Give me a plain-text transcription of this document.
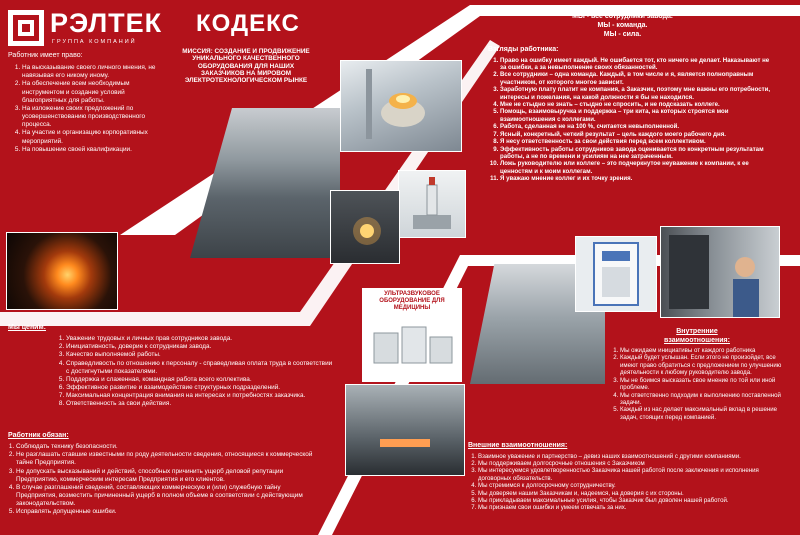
РЭЛТЕК
ГРУППА КОМПАНИЙ
КОДЕКС
МИССИЯ: СОЗДАНИЕ И ПРОДВИЖЕНИЕ УНИКАЛЬНОГО КАЧЕСТВЕННОГО ОБОРУДОВАНИЯ ДЛЯ НАШИХ ЗАКАЗЧИКОВ НА МИРОВОМ ЭЛЕКТРОТЕХНОЛОГИЧЕСКОМ РЫНКЕ
МЫ - все сотрудники завода.
МЫ - команда.
МЫ - сила.
Работник имеет право:
1. На высказывание своего личного мнения, не навязывая его никому иному.
2. На обеспечение всем необходимым инструментом и создание условий благоприятных для работы.
3. На изложение своих предложений по усовершенствованию производственного процесса.
4. На участие и организацию корпоративных мероприятий.
5. На повышение своей квалификации.
Взгляды работника:
1. Право на ошибку имеет каждый. Не ошибается тот, кто ничего не делает. Наказывают не за ошибки, а за невыполнение своих обязанностей.
2. Все сотрудники – одна команда. Каждый, в том числе и я, является полноправным участником, от которого многое зависит.
3. Заработную плату платит не компания, а Заказчик, поэтому мне важны его потребности, интересы и пожелания, на какой должности я бы не находился.
4. Мне не стыдно не знать – стыдно не спросить, и не подсказать коллеге.
5. Помощь, взаимовыручка и поддержка – три кита, на которых строятся мои взаимоотношения с коллегами.
6. Работа, сделанная не на 100 %, считается невыполненной.
7. Ясный, конкретный, четкий результат – цель каждого моего рабочего дня.
8. Я несу ответственность за свои действия перед всем коллективом.
9. Эффективность работы сотрудников завода оценивается по конкретным результатам работы, а не по времени и усилиям на нее затраченным.
10. Ложь руководителю или коллеге – это подчеркнутое неуважение к компании, к ее ценностям и к моим коллегам.
11. Я уважаю мнение коллег и их точку зрения.
УЛЬТРАЗВУКОВОЕ ОБОРУДОВАНИЕ ДЛЯ МЕДИЦИНЫ
Мы ценим:
1. Уважение трудовых и личных прав сотрудников завода.
2. Инициативность, доверие к сотрудникам завода.
3. Качество выполняемой работы.
4. Справедливость по отношению к персоналу - справедливая оплата труда в соответствии с достигнутыми показателями.
5. Поддержка и слаженная, командная работа всего коллектива.
6. Эффективное развитие и взаимодействие структурных подразделений.
7. Максимальная концентрация внимания на интересах и потребностях заказчика.
8. Ответственность за свои действия.
Работник обязан:
1. Соблюдать технику безопасности.
2. Не разглашать ставшие известными по роду деятельности сведения, относящиеся к коммерческой тайне Предприятия.
3. Не допускать высказываний и действий, способных причинить ущерб деловой репутации Предприятию, коммерческим интересам Предприятия и его клиентов.
4. В случае разглашений сведений, составляющих коммерческую и (или) служебную тайну Предприятия, возместить причиненный ущерб в полном объеме в соответствии с действующим законодательством.
5. Исправлять допущенные ошибки.
Внутренние взаимоотношения:
1. Мы ожидаем инициативы от каждого работника
2. Каждый будет услышан. Если этого не произойдет, все имеют право обратиться с предложением по улучшению деятельности к любому руководителю завода.
3. Мы не боимся высказать свое мнение по той или иной проблеме.
4. Мы ответственно подходим к выполнению поставленной задачи.
5. Каждый из нас делает максимальный вклад в решение задач, стоящих перед компанией.
Внешние взаимоотношения:
1. Взаимное уважение и партнерство – девиз наших взаимоотношений с другими компаниями.
2. Мы поддерживаем долгосрочные отношения с Заказчиком
3. Мы интересуемся удовлетворенностью Заказчика нашей работой после заключения и исполнения договорных обязательств.
4. Мы стремимся к долгосрочному сотрудничеству.
5. Мы доверяем нашим Заказчикам и, надеемся, на доверия с их стороны.
6. Мы прикладываем максимальные усилия, чтобы Заказчик был доволен нашей работой.
7. Мы признаем свои ошибки и умеем отвечать за них.
